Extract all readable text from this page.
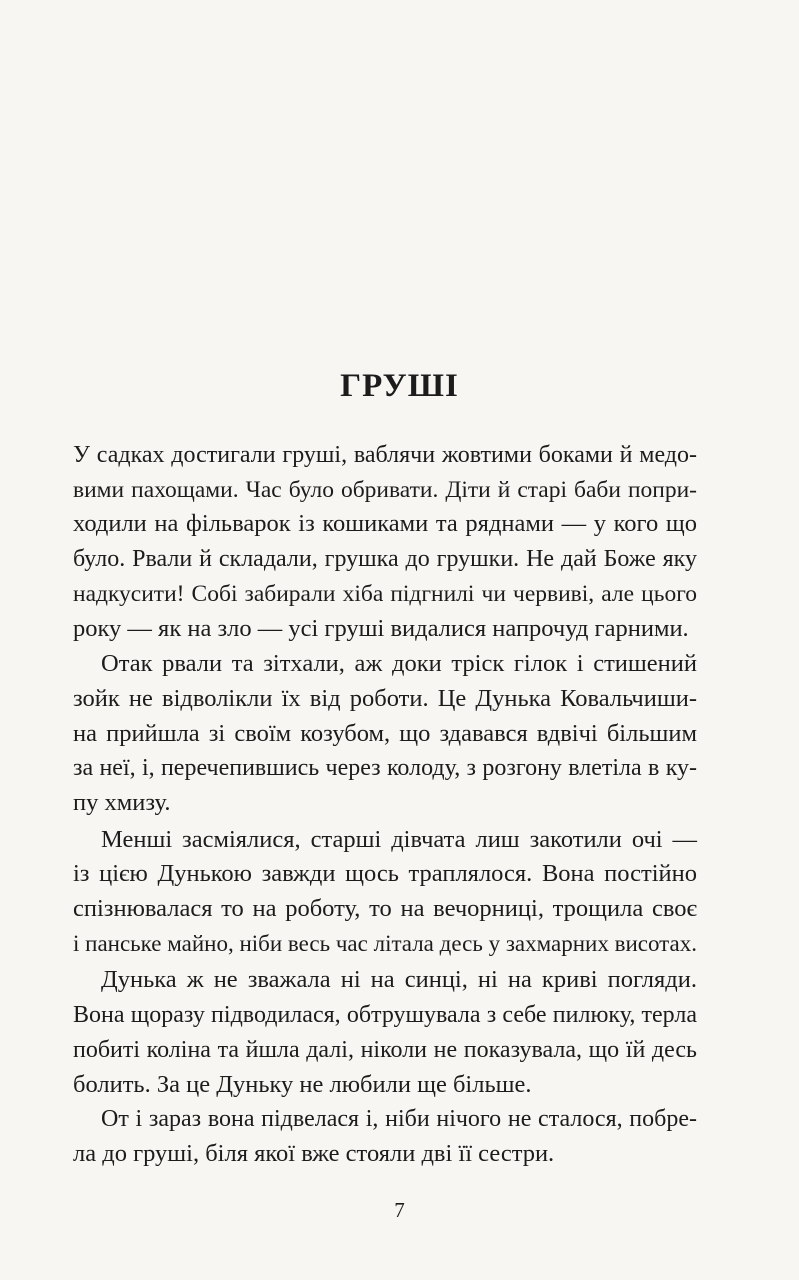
ГРУШІ
У садках достигали груші, ваблячи жовтими боками й медо-
вими пахощами. Час було обривати. Діти й старі баби попри-
ходили на фільварок із кошиками та ряднами — у кого що
було. Рвали й складали, грушка до грушки. Не дай Боже яку
надкусити! Собі забирали хіба підгнилі чи червиві, але цього
року — як на зло — усі груші видалися напрочуд гарними.
Отак рвали та зітхали, аж доки тріск гілок і стишений
зойк не відволікли їх від роботи. Це Дунька Ковальчиши-
на прийшла зі своїм козубом, що здавався вдвічі більшим
за неї, і, перечепившись через колоду, з розгону влетіла в ку-
пу хмизу.
Менші засміялися, старші дівчата лиш закотили очі —
із цією Дунькою завжди щось траплялося. Вона постійно
спізнювалася то на роботу, то на вечорниці, трощила своє
і панське майно, ніби весь час літала десь у захмарних висотах.
Дунька ж не зважала ні на синці, ні на криві погляди.
Вона щоразу підводилася, обтрушувала з себе пилюку, терла
побиті коліна та йшла далі, ніколи не показувала, що їй десь
болить. За це Дуньку не любили ще більше.
От і зараз вона підвелася і, ніби нічого не сталося, побре-
ла до груші, біля якої вже стояли дві її сестри.
7
